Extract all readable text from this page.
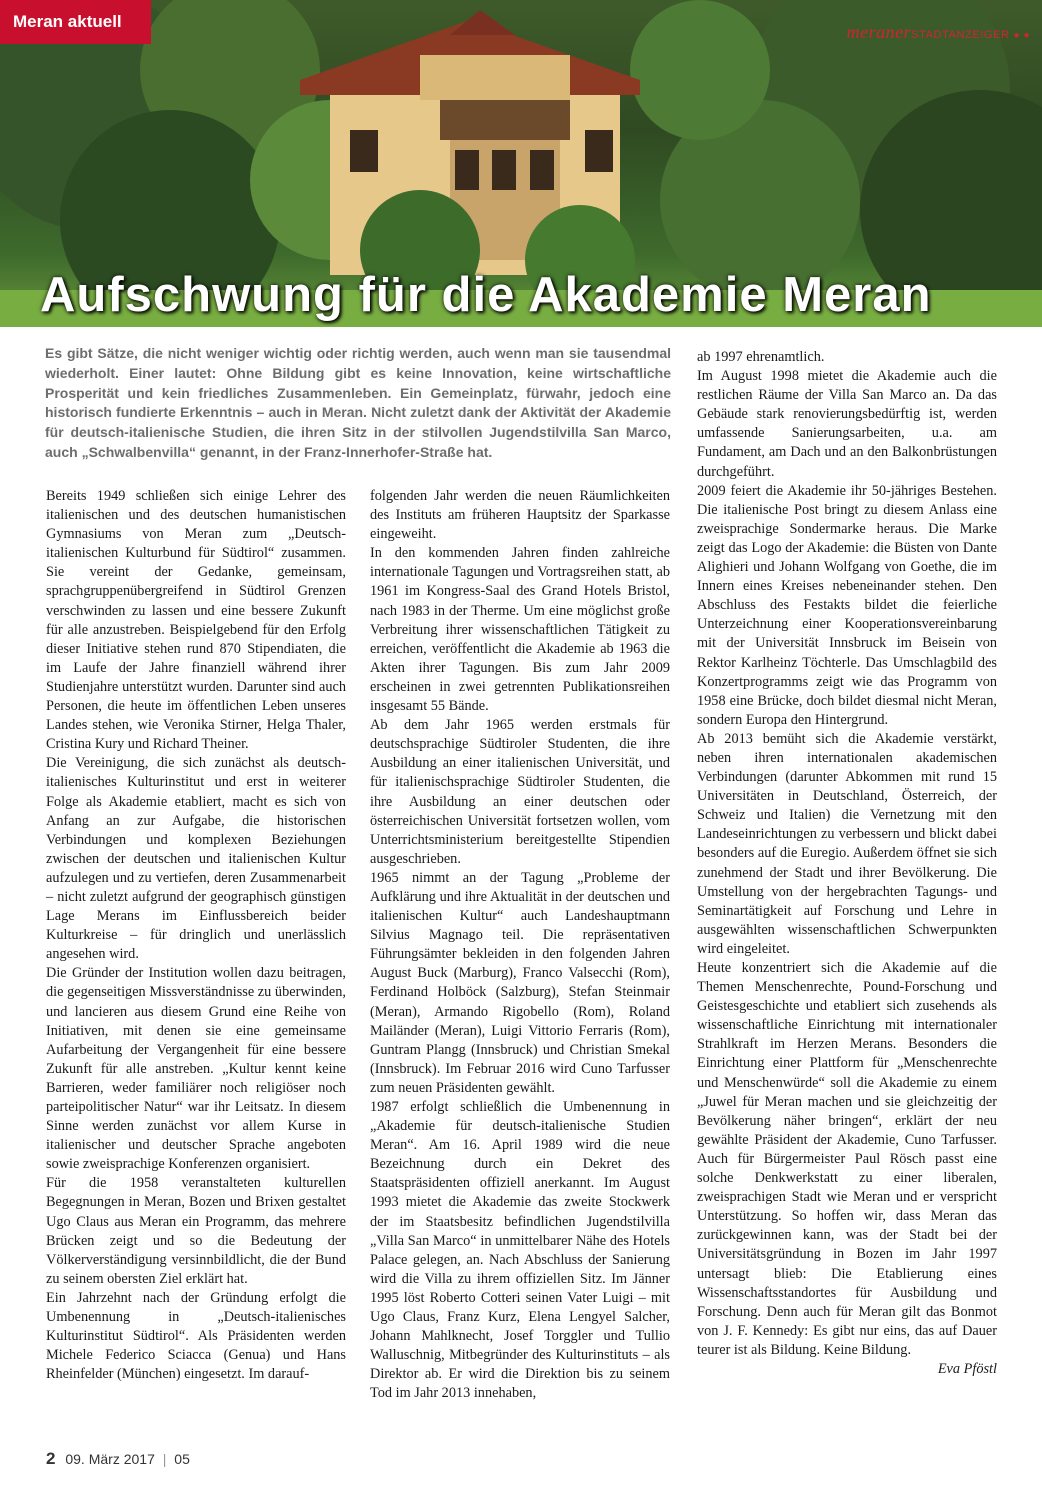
Meran aktuell
meranerSTADTANZEIGER ● ●
Aufschwung für die Akademie Meran

Es gibt Sätze, die nicht weniger wichtig oder richtig werden, auch wenn man sie tausendmal wiederholt. Einer lautet: Ohne Bildung gibt es keine Innovation, keine wirtschaftliche Prosperität und kein friedliches Zusammenleben. Ein Gemeinplatz, fürwahr, jedoch eine historisch fundierte Erkenntnis – auch in Meran. Nicht zuletzt dank der Aktivität der Akademie für deutsch-italienische Studien, die ihren Sitz in der stilvollen Jugendstilvilla San Marco, auch „Schwalbenvilla“ genannt, in der Franz-Innerhofer-Straße hat.

Bereits 1949 schließen sich einige Lehrer des italienischen und des deutschen humanistischen Gymnasiums von Meran zum „Deutsch-italienischen Kulturbund für Südtirol“ zusammen. Sie vereint der Gedanke, gemeinsam, sprachgruppenübergreifend in Südtirol Grenzen verschwinden zu lassen und eine bessere Zukunft für alle anzustreben. Beispielgebend für den Erfolg dieser Initiative stehen rund 870 Stipendiaten, die im Laufe der Jahre finanziell während ihrer Studienjahre unterstützt wurden. Darunter sind auch Personen, die heute im öffentlichen Leben unseres Landes stehen, wie Veronika Stirner, Helga Thaler, Cristina Kury und Richard Theiner.

Die Vereinigung, die sich zunächst als deutsch-italienisches Kulturinstitut und erst in weiterer Folge als Akademie etabliert, macht es sich von Anfang an zur Aufgabe, die historischen Verbindungen und komplexen Beziehungen zwischen der deutschen und italienischen Kultur aufzulegen und zu vertiefen, deren Zusammenarbeit – nicht zuletzt aufgrund der geographisch günstigen Lage Merans im Einflussbereich beider Kulturkreise – für dringlich und unerlässlich angesehen wird.

Die Gründer der Institution wollen dazu beitragen, die gegenseitigen Missverständnisse zu überwinden, und lancieren aus diesem Grund eine Reihe von Initiativen, mit denen sie eine gemeinsame Aufarbeitung der Vergangenheit für eine bessere Zukunft für alle anstreben. „Kultur kennt keine Barrieren, weder familiärer noch religiöser noch parteipolitischer Natur“ war ihr Leitsatz. In diesem Sinne werden zunächst vor allem Kurse in italienischer und deutscher Sprache angeboten sowie zweisprachige Konferenzen organisiert.

Für die 1958 veranstalteten kulturellen Begegnungen in Meran, Bozen und Brixen gestaltet Ugo Claus aus Meran ein Programm, das mehrere Brücken zeigt und so die Bedeutung der Völkerverständigung versinnbildlicht, die der Bund zu seinem obersten Ziel erklärt hat.

Ein Jahrzehnt nach der Gründung erfolgt die Umbenennung in „Deutsch-italienisches Kulturinstitut Südtirol“. Als Präsidenten werden Michele Federico Sciacca (Genua) und Hans Rheinfelder (München) eingesetzt. Im darauf-

folgenden Jahr werden die neuen Räumlichkeiten des Instituts am früheren Hauptsitz der Sparkasse eingeweiht.

In den kommenden Jahren finden zahlreiche internationale Tagungen und Vortragsreihen statt, ab 1961 im Kongress-Saal des Grand Hotels Bristol, nach 1983 in der Therme. Um eine möglichst große Verbreitung ihrer wissenschaftlichen Tätigkeit zu erreichen, veröffentlicht die Akademie ab 1963 die Akten ihrer Tagungen. Bis zum Jahr 2009 erscheinen in zwei getrennten Publikationsreihen insgesamt 55 Bände.

Ab dem Jahr 1965 werden erstmals für deutschsprachige Südtiroler Studenten, die ihre Ausbildung an einer italienischen Universität, und für italienischsprachige Südtiroler Studenten, die ihre Ausbildung an einer deutschen oder österreichischen Universität fortsetzen wollen, vom Unterrichtsministerium bereitgestellte Stipendien ausgeschrieben.

1965 nimmt an der Tagung „Probleme der Aufklärung und ihre Aktualität in der deutschen und italienischen Kultur“ auch Landeshauptmann Silvius Magnago teil. Die repräsentativen Führungsämter bekleiden in den folgenden Jahren August Buck (Marburg), Franco Valsecchi (Rom), Ferdinand Holböck (Salzburg), Stefan Steinmair (Meran), Armando Rigobello (Rom), Roland Mailänder (Meran), Luigi Vittorio Ferraris (Rom), Guntram Plangg (Innsbruck) und Christian Smekal (Innsbruck). Im Februar 2016 wird Cuno Tarfusser zum neuen Präsidenten gewählt.

1987 erfolgt schließlich die Umbenennung in „Akademie für deutsch-italienische Studien Meran“. Am 16. April 1989 wird die neue Bezeichnung durch ein Dekret des Staatspräsidenten offiziell anerkannt. Im August 1993 mietet die Akademie das zweite Stockwerk der im Staatsbesitz befindlichen Jugendstilvilla „Villa San Marco“ in unmittelbarer Nähe des Hotels Palace gelegen, an. Nach Abschluss der Sanierung wird die Villa zu ihrem offiziellen Sitz. Im Jänner 1995 löst Roberto Cotteri seinen Vater Luigi – mit Ugo Claus, Franz Kurz, Elena Lengyel Salcher, Johann Mahlknecht, Josef Torggler und Tullio Walluschnig, Mitbegründer des Kulturinstituts – als Direktor ab. Er wird die Direktion bis zu seinem Tod im Jahr 2013 innehaben,

ab 1997 ehrenamtlich.

Im August 1998 mietet die Akademie auch die restlichen Räume der Villa San Marco an. Da das Gebäude stark renovierungsbedürftig ist, werden umfassende Sanierungsarbeiten, u.a. am Fundament, am Dach und an den Balkonbrüstungen durchgeführt.

2009 feiert die Akademie ihr 50-jähriges Bestehen. Die italienische Post bringt zu diesem Anlass eine zweisprachige Sondermarke heraus. Die Marke zeigt das Logo der Akademie: die Büsten von Dante Alighieri und Johann Wolfgang von Goethe, die im Innern eines Kreises nebeneinander stehen. Den Abschluss des Festakts bildet die feierliche Unterzeichnung einer Kooperationsvereinbarung mit der Universität Innsbruck im Beisein von Rektor Karlheinz Töchterle. Das Umschlagbild des Konzertprogramms zeigt wie das Programm von 1958 eine Brücke, doch bildet diesmal nicht Meran, sondern Europa den Hintergrund.

Ab 2013 bemüht sich die Akademie verstärkt, neben ihren internationalen akademischen Verbindungen (darunter Abkommen mit rund 15 Universitäten in Deutschland, Österreich, der Schweiz und Italien) die Vernetzung mit den Landeseinrichtungen zu verbessern und blickt dabei besonders auf die Euregio. Außerdem öffnet sie sich zunehmend der Stadt und ihrer Bevölkerung. Die Umstellung von der hergebrachten Tagungs- und Seminartätigkeit auf Forschung und Lehre in ausgewählten wissenschaftlichen Schwerpunkten wird eingeleitet.

Heute konzentriert sich die Akademie auf die Themen Menschenrechte, Pound-Forschung und Geistesgeschichte und etabliert sich zusehends als wissenschaftliche Einrichtung mit internationaler Strahlkraft im Herzen Merans. Besonders die Einrichtung einer Plattform für „Menschenrechte und Menschenwürde“ soll die Akademie zu einem „Juwel für Meran machen und sie gleichzeitig der Bevölkerung näher bringen“, erklärt der neu gewählte Präsident der Akademie, Cuno Tarfusser. Auch für Bürgermeister Paul Rösch passt eine solche Denkwerkstatt zu einer liberalen, zweisprachigen Stadt wie Meran und er verspricht Unterstützung. So hoffen wir, dass Meran das zurückgewinnen kann, was der Stadt bei der Universitätsgründung in Bozen im Jahr 1997 untersagt blieb: Die Etablierung eines Wissenschaftsstandortes für Ausbildung und Forschung. Denn auch für Meran gilt das Bonmot von J. F. Kennedy: Es gibt nur eins, das auf Dauer teurer ist als Bildung. Keine Bildung.

Eva Pföstl

2 09. März 2017 | 05
